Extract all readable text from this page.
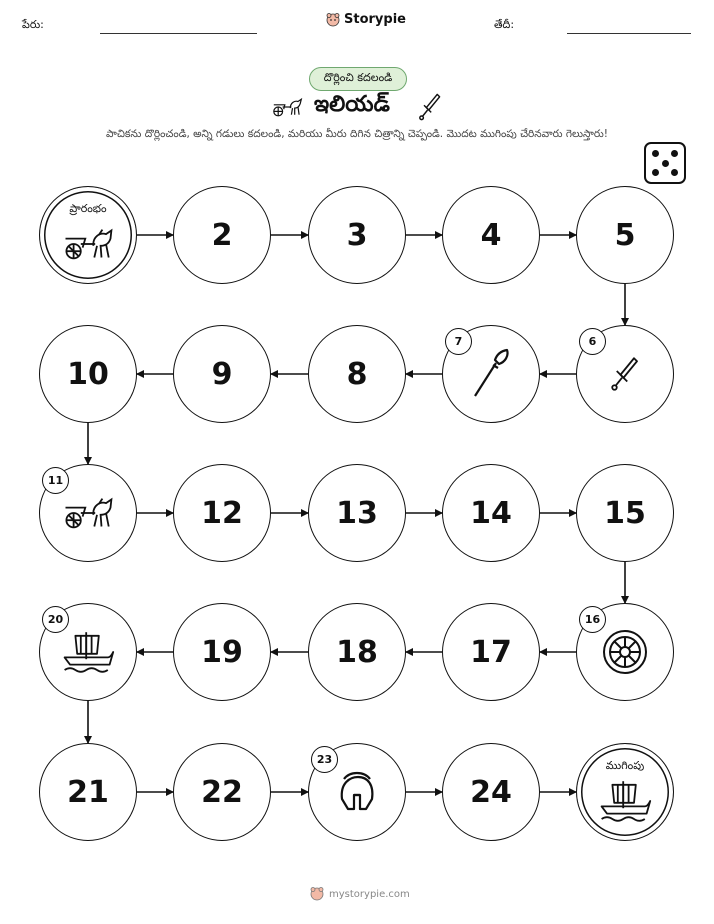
పేరు:	Storypie	తేదీ:
దొర్లించి కదలండి
ఇలియడ్
పాచికను దొర్లించండి, అన్ని గడులు కదలండి, మరియు మీరు దిగిన చిత్రాన్ని చెప్పండి. మొదట ముగింపు చేరినవారు గెలుస్తారు!
ప్రారంభం
2	3	4	5
6
7
8
9
10
11
12	13	14	15
16
17
18
19
20
21	22
23
24
ముగింపు
mystorypie.com
